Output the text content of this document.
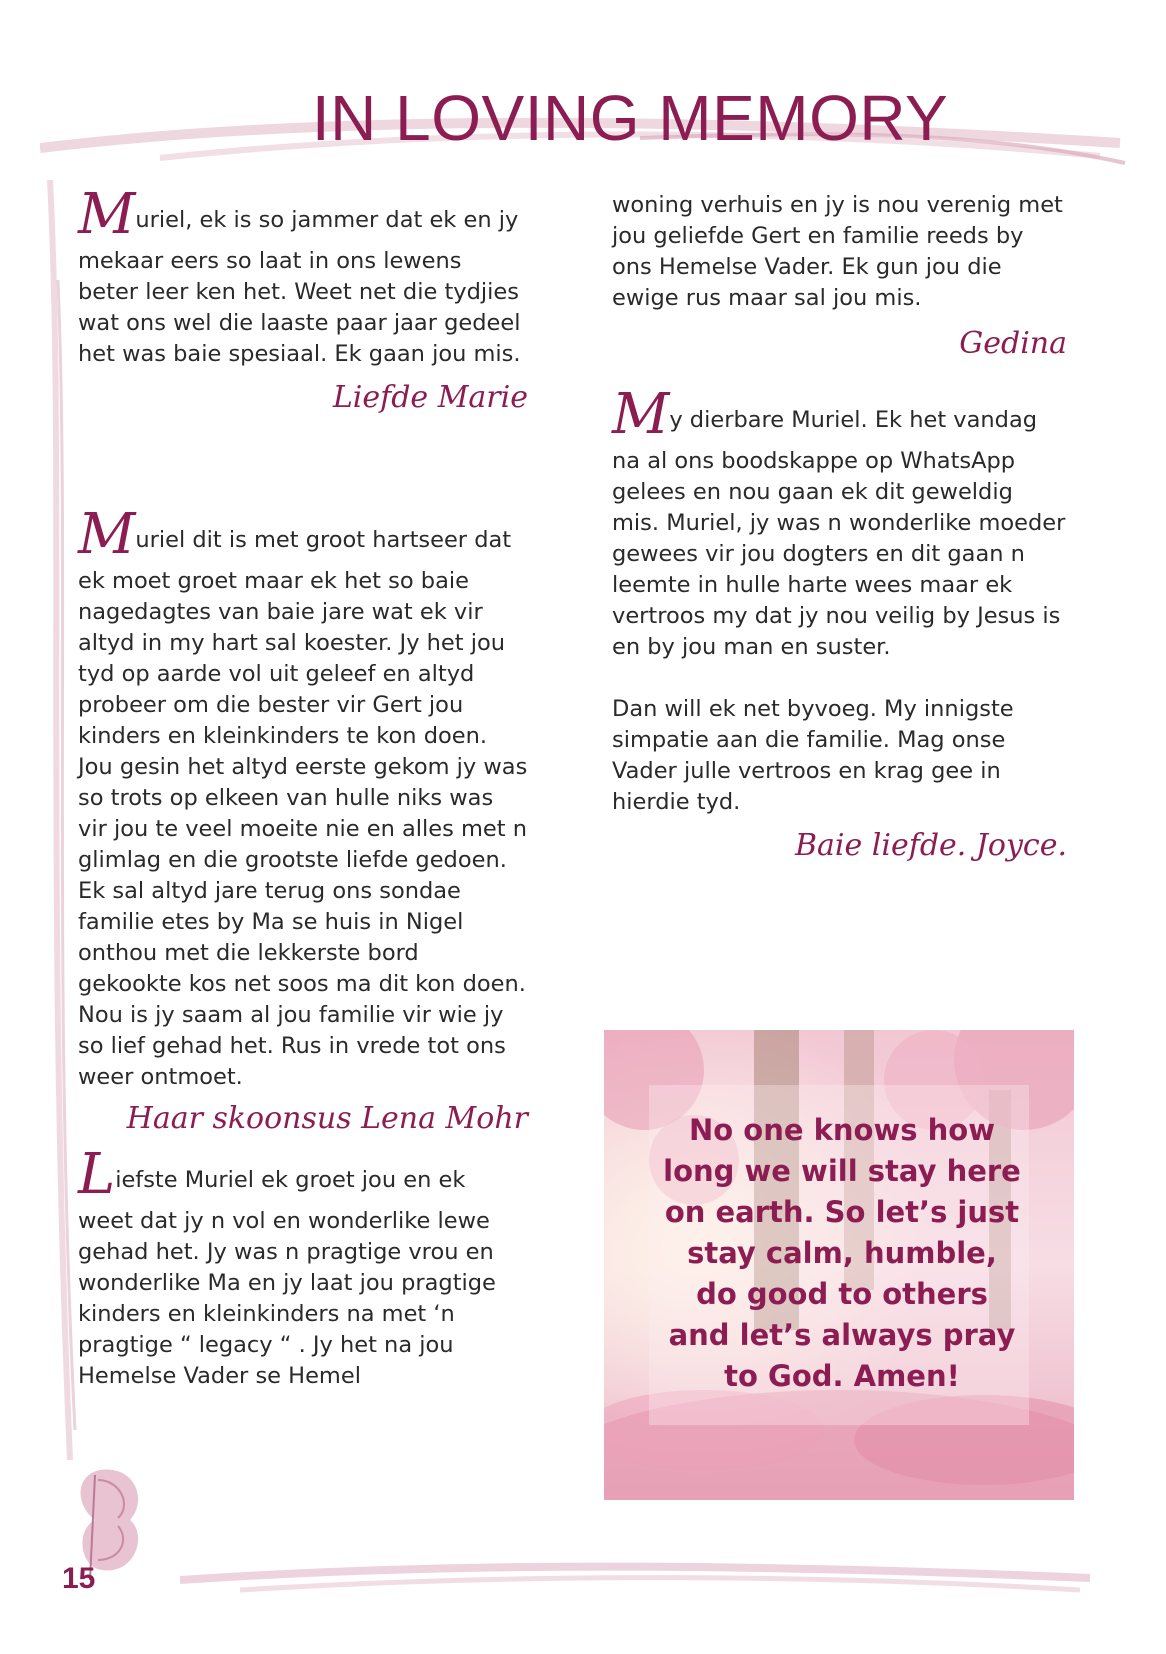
IN LOVING MEMORY

Muriel, ek is so jammer dat ek en jy
mekaar eers so laat in ons lewens beter leer ken het. Weet net die tydjies wat ons wel die laaste paar jaar gedeel het was baie spesiaal. Ek gaan jou mis.

Liefde Marie

Muriel dit is met groot hartseer dat
ek moet groet maar ek het so baie nagedagtes van baie jare wat ek vir altyd in my hart sal koester. Jy het jou tyd op aarde vol uit geleef en altyd probeer om die bester vir Gert jou kinders en kleinkinders te kon doen. Jou gesin het altyd eerste gekom jy was so trots op elkeen van hulle niks was vir jou te veel moeite nie en alles met n glimlag en die grootste liefde gedoen. Ek sal altyd jare terug ons sondae familie etes by Ma se huis in Nigel onthou met die lekkerste bord gekookte kos net soos ma dit kon doen. Nou is jy saam al jou familie vir wie jy so lief gehad het. Rus in vrede tot ons weer ontmoet.

Haar skoonsus Lena Mohr

Liefste Muriel ek groet jou en ek
weet dat jy n vol en wonderlike lewe gehad het. Jy was n pragtige vrou en wonderlike Ma en jy laat jou pragtige kinders en kleinkinders na met ‘n pragtige “ legacy “ . Jy het na jou Hemelse Vader se Hemel

woning verhuis en jy is nou verenig met jou geliefde Gert en familie reeds by ons Hemelse Vader. Ek gun jou die ewige rus maar sal jou mis.

Gedina

My dierbare Muriel. Ek het vandag
na al ons boodskappe op WhatsApp gelees en nou gaan ek dit geweldig mis. Muriel, jy was n wonderlike moeder gewees vir jou dogters en dit gaan n leemte in hulle harte wees maar ek vertroos my dat jy nou veilig by Jesus is en by jou man en suster.

Dan will ek net byvoeg. My innigste simpatie aan die familie. Mag onse Vader julle vertroos en krag gee in hierdie tyd.

Baie liefde. Joyce.

No one knows how long we will stay here on earth. So let’s just stay calm, humble, do good to others and let’s always pray to God. Amen!

15
